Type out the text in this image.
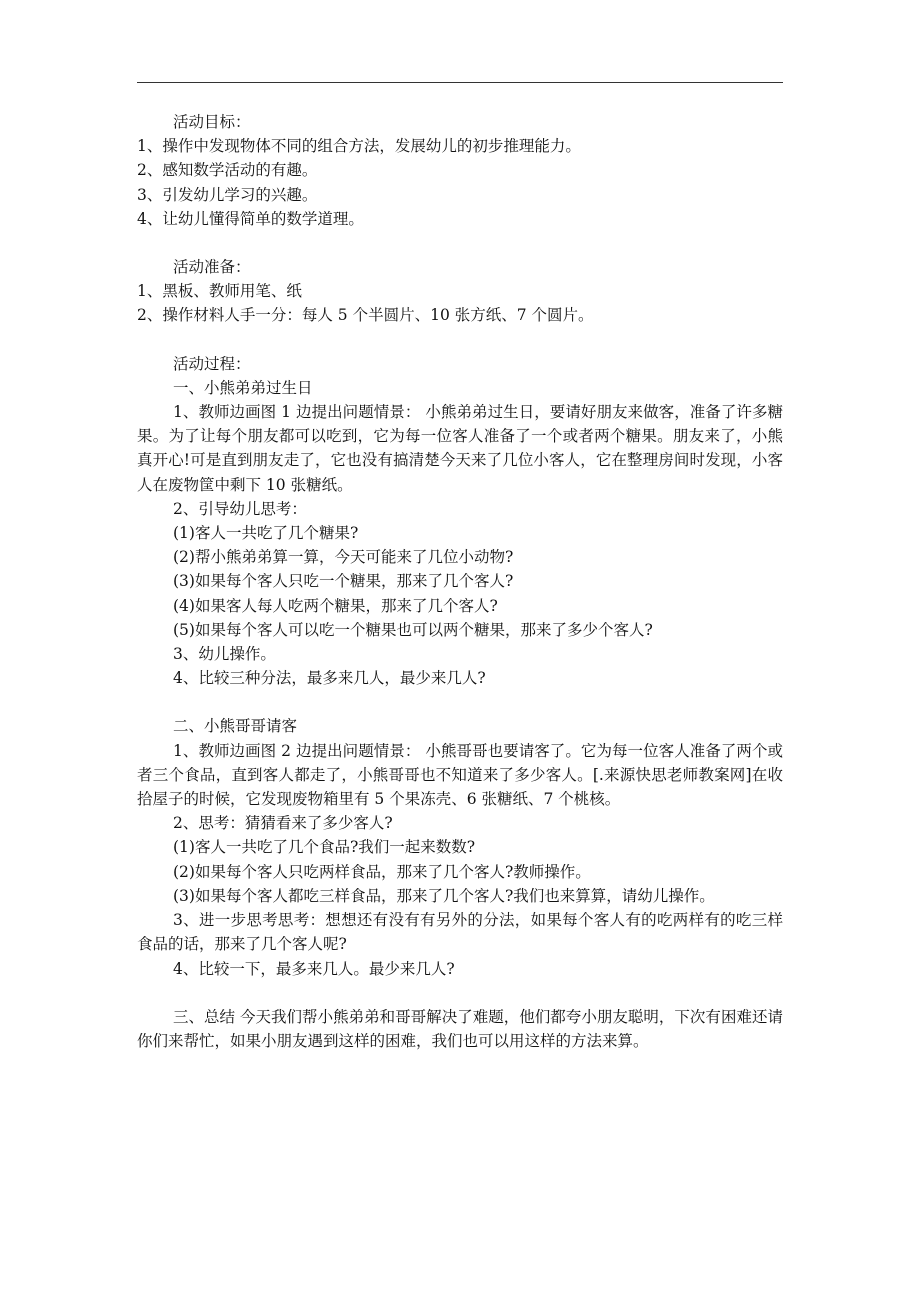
活动目标：
1、操作中发现物体不同的组合方法，发展幼儿的初步推理能力。
2、感知数学活动的有趣。
3、引发幼儿学习的兴趣。
4、让幼儿懂得简单的数学道理。
活动准备：
1、黑板、教师用笔、纸
2、操作材料人手一分：每人 5 个半圆片、10 张方纸、7 个圆片。
活动过程：
一、小熊弟弟过生日
1、教师边画图 1 边提出问题情景： 小熊弟弟过生日，要请好朋友来做客，准备了许多糖果。为了让每个朋友都可以吃到，它为每一位客人准备了一个或者两个糖果。朋友来了，小熊真开心!可是直到朋友走了，它也没有搞清楚今天来了几位小客人，它在整理房间时发现，小客人在废物筐中剩下 10 张糖纸。
2、引导幼儿思考：
(1)客人一共吃了几个糖果?
(2)帮小熊弟弟算一算，今天可能来了几位小动物?
(3)如果每个客人只吃一个糖果，那来了几个客人?
(4)如果客人每人吃两个糖果，那来了几个客人?
(5)如果每个客人可以吃一个糖果也可以两个糖果，那来了多少个客人?
3、幼儿操作。
4、比较三种分法，最多来几人，最少来几人?
二、小熊哥哥请客
1、教师边画图 2 边提出问题情景： 小熊哥哥也要请客了。它为每一位客人准备了两个或者三个食品，直到客人都走了，小熊哥哥也不知道来了多少客人。[.来源快思老师教案网]在收拾屋子的时候，它发现废物箱里有 5 个果冻壳、6 张糖纸、7 个桃核。
2、思考：猜猜看来了多少客人?
(1)客人一共吃了几个食品?我们一起来数数?
(2)如果每个客人只吃两样食品，那来了几个客人?教师操作。
(3)如果每个客人都吃三样食品，那来了几个客人?我们也来算算，请幼儿操作。
3、进一步思考思考：想想还有没有有另外的分法，如果每个客人有的吃两样有的吃三样食品的话，那来了几个客人呢?
4、比较一下，最多来几人。最少来几人?
三、总结 今天我们帮小熊弟弟和哥哥解决了难题，他们都夸小朋友聪明，下次有困难还请你们来帮忙，如果小朋友遇到这样的困难，我们也可以用这样的方法来算。
